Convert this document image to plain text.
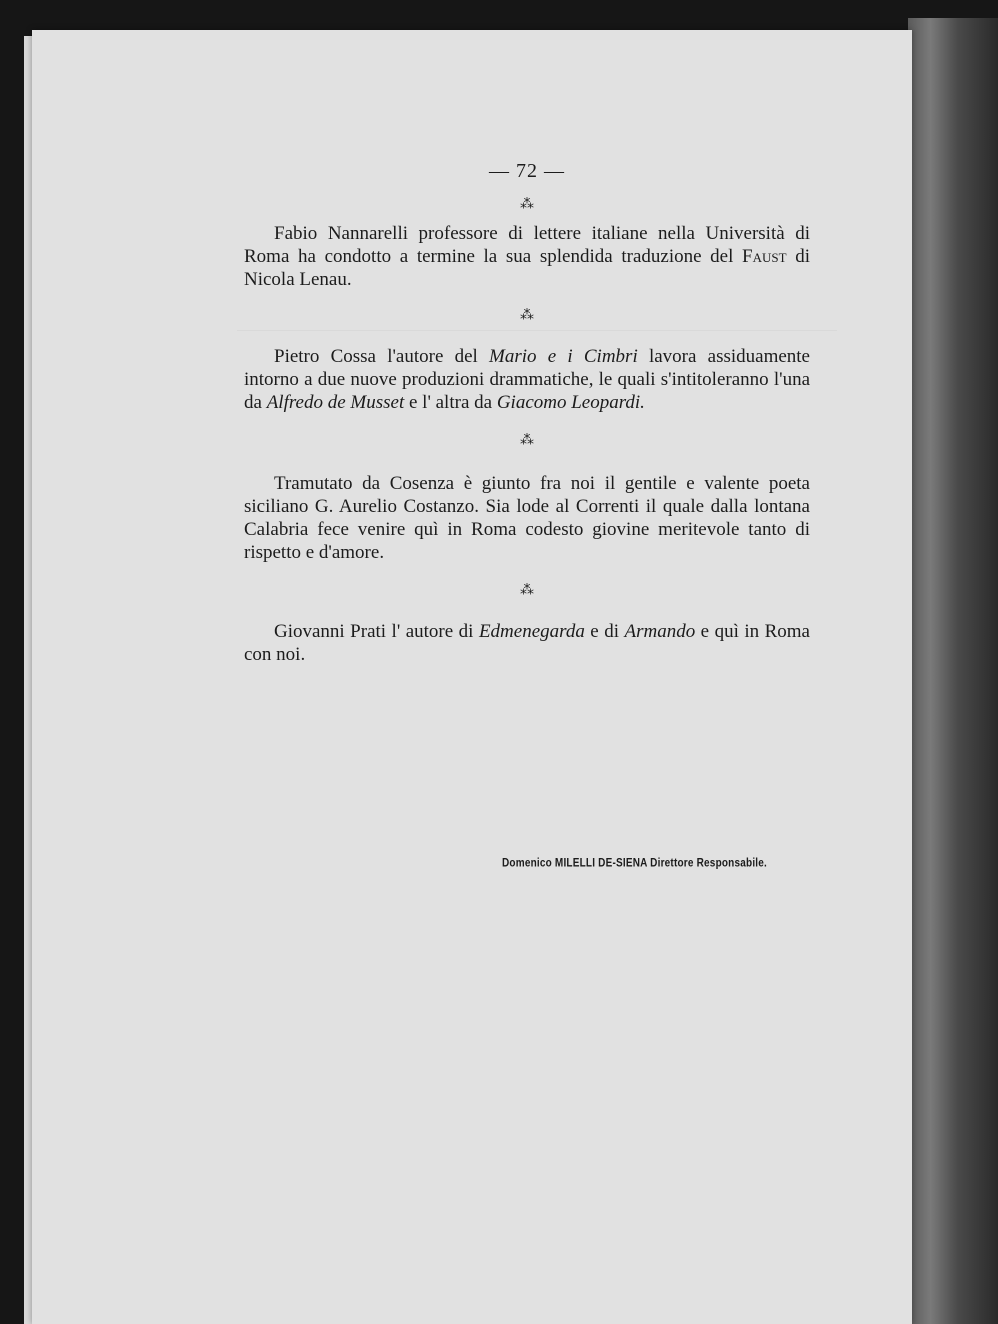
— 72 —

⁂

Fabio Nannarelli professore di lettere italiane nella Università di Roma ha condotto a termine la sua splendida traduzione del Faust di Nicola Lenau.

⁂

Pietro Cossa l'autore del Mario e i Cimbri lavora assiduamente intorno a due nuove produzioni drammatiche, le quali s'intitoleranno l'una da Alfredo de Musset e l' altra da Giacomo Leopardi.

⁂

Tramutato da Cosenza è giunto fra noi il gentile e valente poeta siciliano G. Aurelio Costanzo. Sia lode al Correnti il quale dalla lontana Calabria fece venire quì in Roma codesto giovine meritevole tanto di rispetto e d'amore.

⁂

Giovanni Prati l' autore di Edmenegarda e di Armando e quì in Roma con noi.

Domenico MILELLI DE-SIENA Direttore Responsabile.
